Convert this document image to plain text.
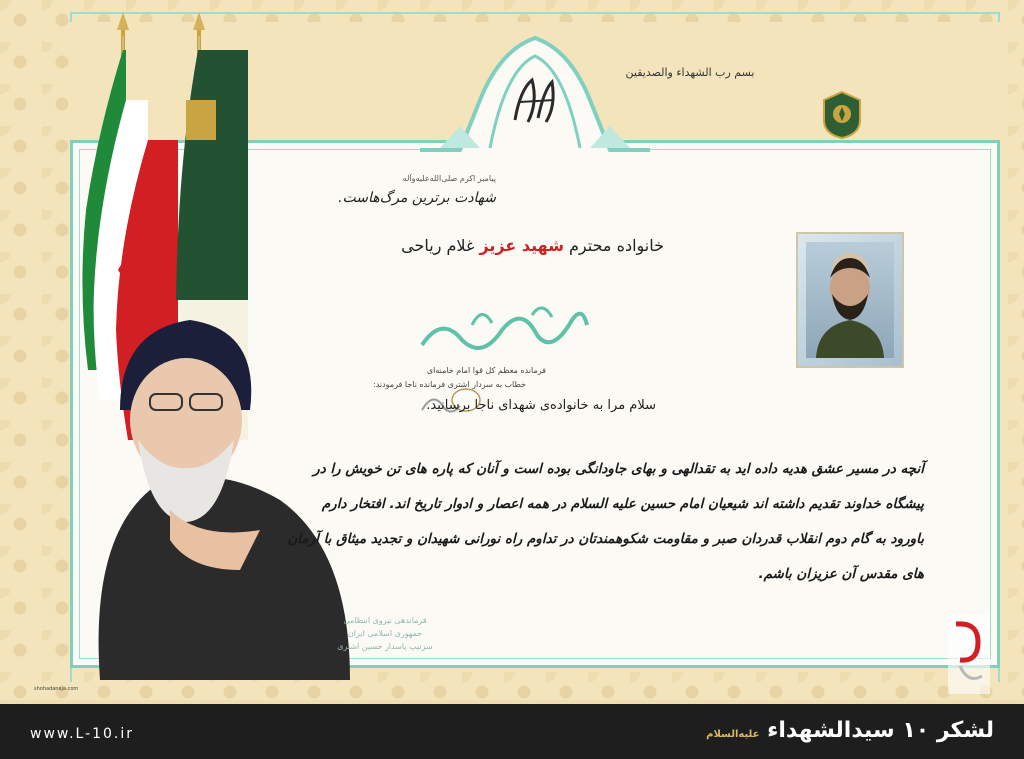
بسم رب الشهداء والصدیقین
پیامبر اکرم صلی‌الله‌علیه‌وآله
شهادت برترین مرگ‌هاست.
خانواده محترم شهید عزیز غلام ریاحی
فرمانده معظم کل قوا امام خامنه‌ای
خطاب به سردار اشتری فرمانده ناجا فرمودند:
سلام مرا به خانواده‌ی شهدای ناجا برسانید.
آنچه در مسیر عشق هدیه داده اید به تقدالهی و بهای جاودانگی بوده است و آنان که پاره های تن خویش را در پیشگاه خداوند تقدیم داشته اند شیعیان امام حسین علیه السلام در همه اعصار و ادوار تاریخ اند. افتخار دارم باورود به گام دوم انقلاب قدردان صبر و مقاومت شکوهمندتان در تداوم راه نورانی شهیدان و تجدید میثاق با آرمان های مقدس آن عزیزان باشم.
فرماندهی نیروی انتظامی جمهوری اسلامی ایران
سرتیپ پاسدار حسین اشتری
shohadanaja.com
www.L-10.ir	لشکر ۱۰ سیدالشهداء علیه‌السلام
